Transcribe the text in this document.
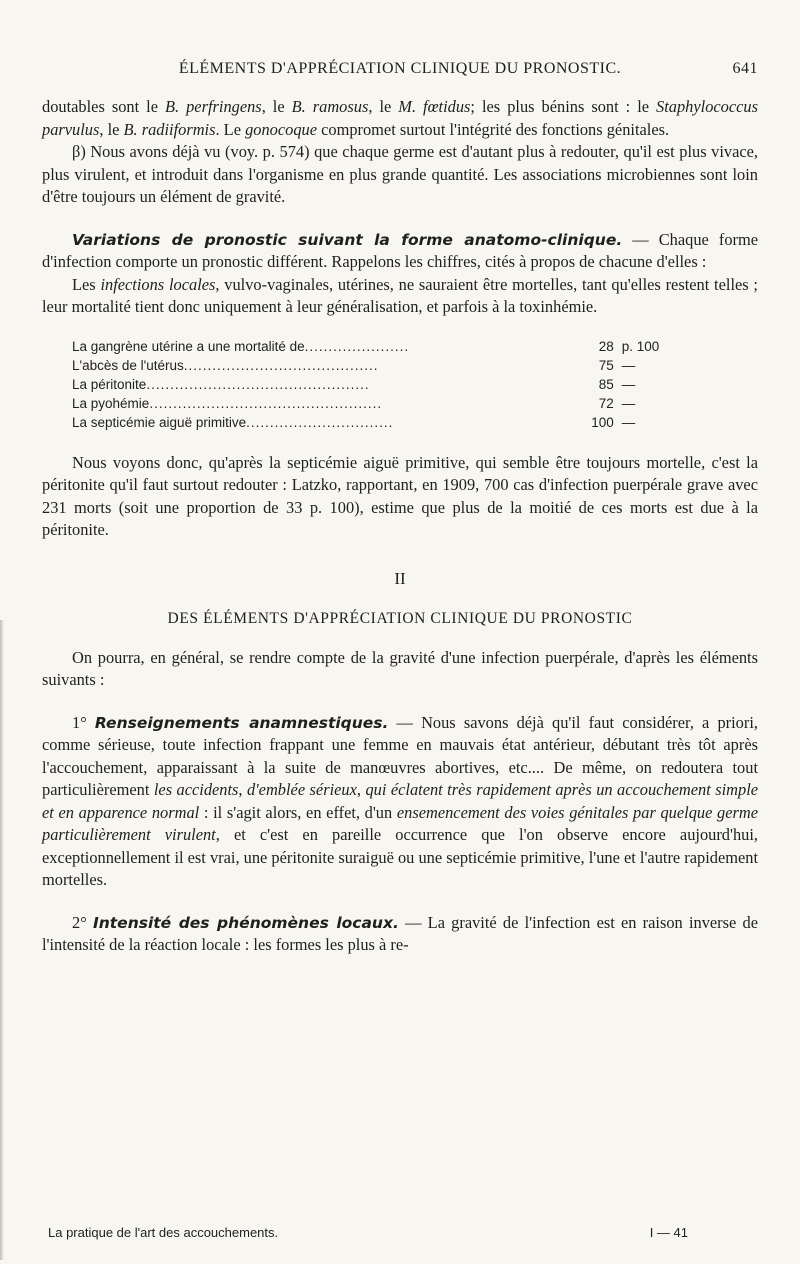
ÉLÉMENTS D'APPRÉCIATION CLINIQUE DU PRONOSTIC.	641

doutables sont le B. perfringens, le B. ramosus, le M. fœtidus; les plus bénins sont : le Staphylococcus parvulus, le B. radiiformis. Le gonocoque compromet surtout l'intégrité des fonctions génitales.

β) Nous avons déjà vu (voy. p. 574) que chaque germe est d'autant plus à redouter, qu'il est plus vivace, plus virulent, et introduit dans l'organisme en plus grande quantité. Les associations microbiennes sont loin d'être toujours un élément de gravité.

Variations de pronostic suivant la forme anatomo-clinique. — Chaque forme d'infection comporte un pronostic différent. Rappelons les chiffres, cités à propos de chacune d'elles :

Les infections locales, vulvo-vaginales, utérines, ne sauraient être mortelles, tant qu'elles restent telles ; leur mortalité tient donc uniquement à leur généralisation, et parfois à la toxinhémie.

La gangrène utérine a une mortalité de......................	28	p. 100
L'abcès de l'utérus.........................................	75	—
La péritonite...............................................	85	—
La pyohémie.................................................	72	—
La septicémie aiguë primitive...............................	100	—

Nous voyons donc, qu'après la septicémie aiguë primitive, qui semble être toujours mortelle, c'est la péritonite qu'il faut surtout redouter : Latzko, rapportant, en 1909, 700 cas d'infection puerpérale grave avec 231 morts (soit une proportion de 33 p. 100), estime que plus de la moitié de ces morts est due à la péritonite.

II
DES ÉLÉMENTS D'APPRÉCIATION CLINIQUE DU PRONOSTIC

On pourra, en général, se rendre compte de la gravité d'une infection puerpérale, d'après les éléments suivants :

1° Renseignements anamnestiques. — Nous savons déjà qu'il faut considérer, a priori, comme sérieuse, toute infection frappant une femme en mauvais état antérieur, débutant très tôt après l'accouchement, apparaissant à la suite de manœuvres abortives, etc.... De même, on redoutera tout particulièrement les accidents, d'emblée sérieux, qui éclatent très rapidement après un accouchement simple et en apparence normal : il s'agit alors, en effet, d'un ensemencement des voies génitales par quelque germe particulièrement virulent, et c'est en pareille occurrence que l'on observe encore aujourd'hui, exceptionnellement il est vrai, une péritonite suraiguë ou une septicémie primitive, l'une et l'autre rapidement mortelles.

2° Intensité des phénomènes locaux. — La gravité de l'infection est en raison inverse de l'intensité de la réaction locale : les formes les plus à re-

La pratique de l'art des accouchements.	I — 41
